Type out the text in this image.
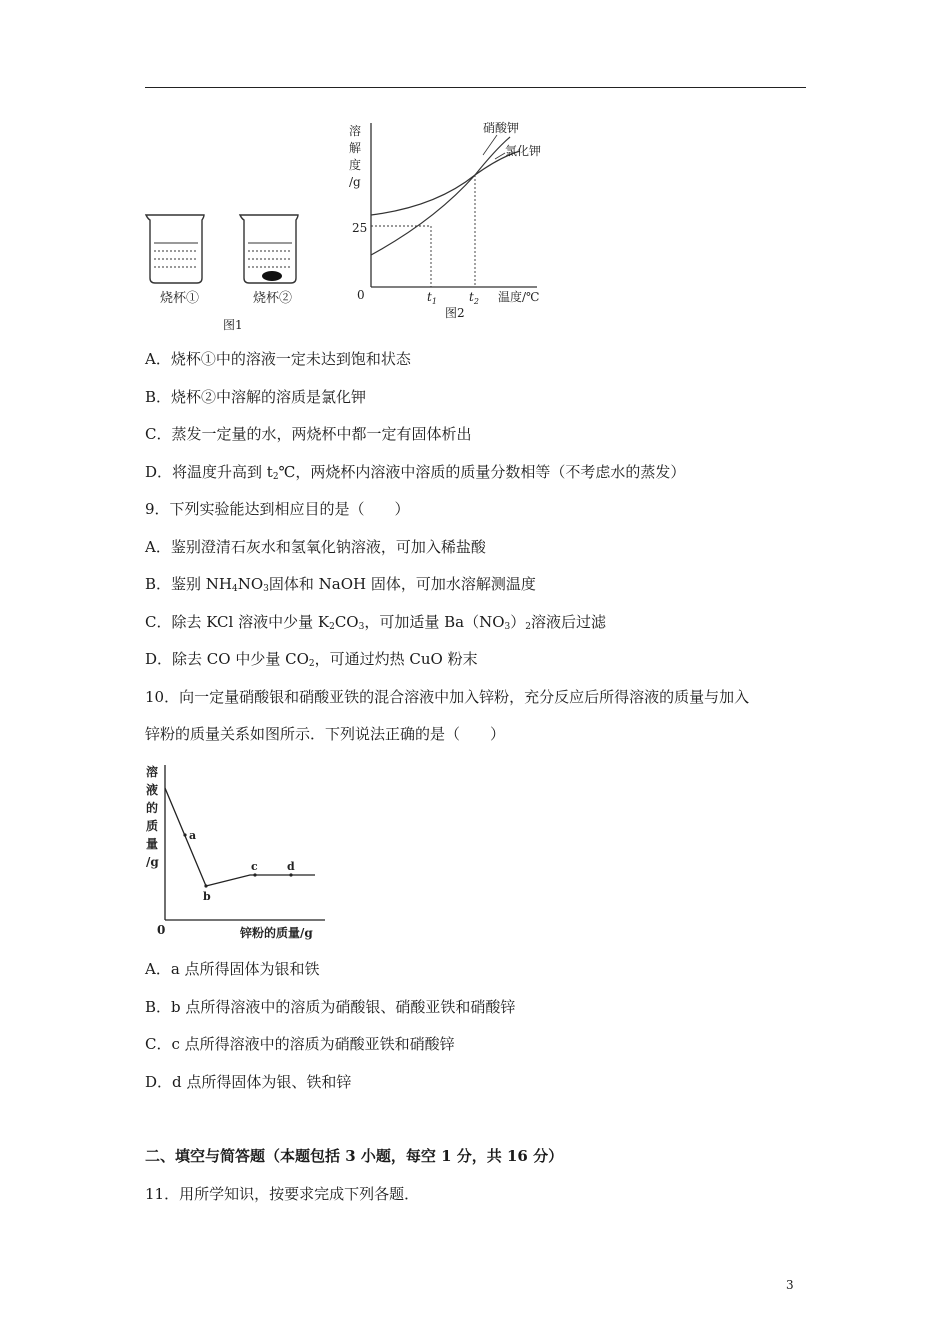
烧杯①	烧杯②
图1
溶
解
度
/g
0
25
$t_1$	$t_2$ 温度/℃
硝酸钾
氯化钾
图2
A．烧杯①中的溶液一定未达到饱和状态
B．烧杯②中溶解的溶质是氯化钾
C．蒸发一定量的水，两烧杯中都一定有固体析出
D．将温度升高到 $t_2℃$，两烧杯内溶液中溶质的质量分数相等（不考虑水的蒸发）
9．下列实验能达到相应目的是（　　）
A．鉴别澄清石灰水和氢氧化钠溶液，可加入稀盐酸
B．鉴别 $NH_4NO_3$固体和 NaOH 固体，可加水溶解测温度
C．除去 KCl 溶液中少量 $K_2CO_3$，可加适量 $Ba(NO_3)_2$溶液后过滤
D．除去 CO 中少量 $CO_2$，可通过灼热 CuO 粉末
10．向一定量硝酸银和硝酸亚铁的混合溶液中加入锌粉，充分反应后所得溶液的质量与加入
锌粉的质量关系如图所示．下列说法正确的是（　　）
溶
液
的
质
量
/g
0
a
b
c	d
锌粉的质量/g
A．a 点所得固体为银和铁
B．b 点所得溶液中的溶质为硝酸银、硝酸亚铁和硝酸锌
C．c 点所得溶液中的溶质为硝酸亚铁和硝酸锌
D．d 点所得固体为银、铁和锌
二、填空与简答题（本题包括 3 小题，每空 1 分，共 16 分）
11．用所学知识，按要求完成下列各题．
3
